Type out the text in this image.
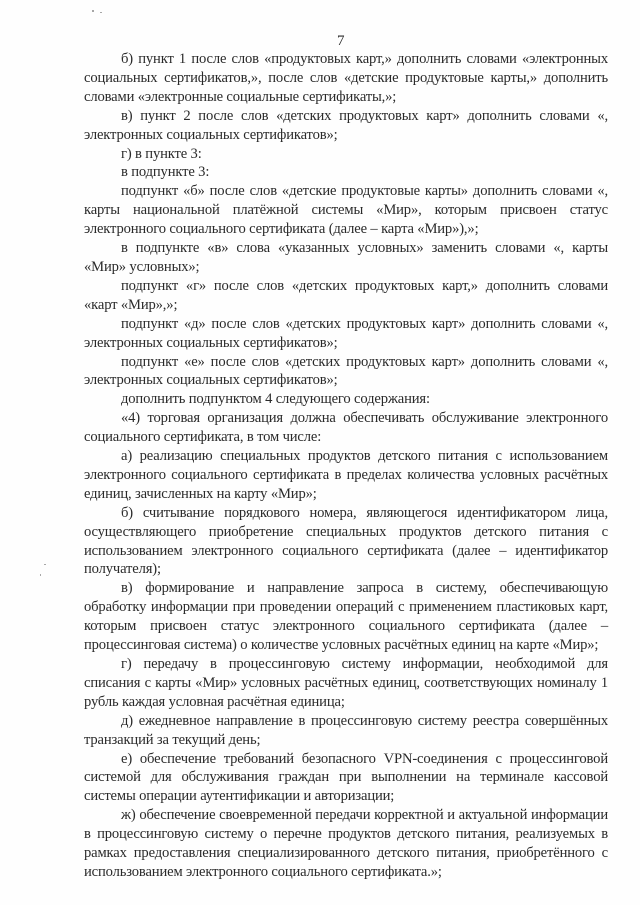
7

б) пункт 1 после слов «продуктовых карт,» дополнить словами «электронных социальных сертификатов,», после слов «детские продуктовые карты,» дополнить словами «электронные социальные сертификаты,»;

в) пункт 2 после слов «детских продуктовых карт» дополнить словами «, электронных социальных сертификатов»;

г) в пункте 3:

в подпункте 3:

подпункт «б» после слов «детские продуктовые карты» дополнить словами «, карты национальной платёжной системы «Мир», которым присвоен статус электронного социального сертификата (далее – карта «Мир»),»;

в подпункте «в» слова «указанных условных» заменить словами «, карты «Мир» условных»;

подпункт «г» после слов «детских продуктовых карт,» дополнить словами «карт «Мир»,»;

подпункт «д» после слов «детских продуктовых карт» дополнить словами «, электронных социальных сертификатов»;

подпункт «е» после слов «детских продуктовых карт» дополнить словами «, электронных социальных сертификатов»;

дополнить подпунктом 4 следующего содержания:

«4) торговая организация должна обеспечивать обслуживание электронного социального сертификата, в том числе:

а) реализацию специальных продуктов детского питания с использованием электронного социального сертификата в пределах количества условных расчётных единиц, зачисленных на карту «Мир»;

б) считывание порядкового номера, являющегося идентификатором лица, осуществляющего приобретение специальных продуктов детского питания с использованием электронного социального сертификата (далее – идентификатор получателя);

в) формирование и направление запроса в систему, обеспечивающую обработку информации при проведении операций с применением пластиковых карт, которым присвоен статус электронного социального сертификата (далее – процессинговая система) о количестве условных расчётных единиц на карте «Мир»;

г) передачу в процессинговую систему информации, необходимой для списания с карты «Мир» условных расчётных единиц, соответствующих номиналу 1 рубль каждая условная расчётная единица;

д) ежедневное направление в процессинговую систему реестра совершённых транзакций за текущий день;

е) обеспечение требований безопасного VPN-соединения с процессинговой системой для обслуживания граждан при выполнении на терминале кассовой системы операции аутентификации и авторизации;

ж) обеспечение своевременной передачи корректной и актуальной информации в процессинговую систему о перечне продуктов детского питания, реализуемых в рамках предоставления специализированного детского питания, приобретённого с использованием электронного социального сертификата.»;
